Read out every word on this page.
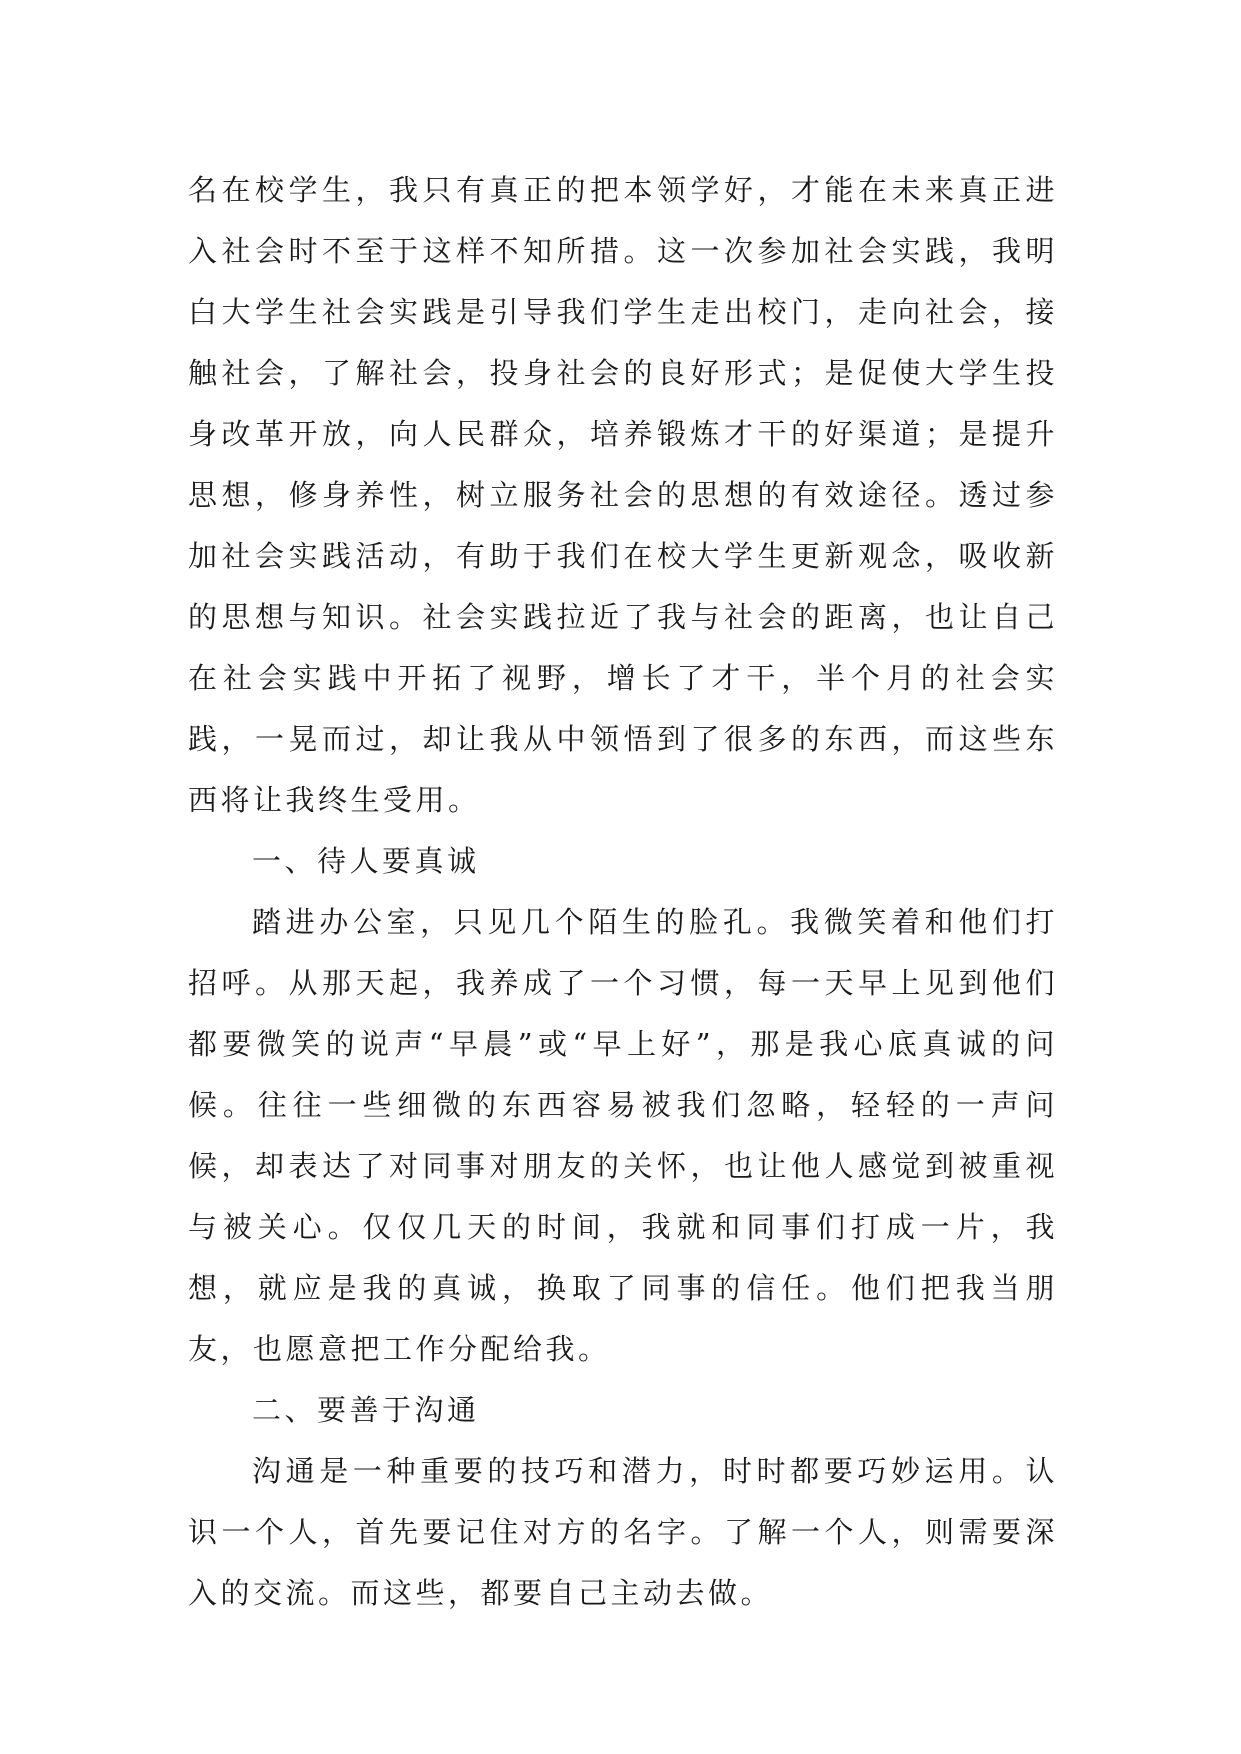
名在校学生，我只有真正的把本领学好，才能在未来真正进入社会时不至于这样不知所措。这一次参加社会实践，我明白大学生社会实践是引导我们学生走出校门，走向社会，接触社会，了解社会，投身社会的良好形式；是促使大学生投身改革开放，向人民群众，培养锻炼才干的好渠道；是提升思想，修身养性，树立服务社会的思想的有效途径。透过参加社会实践活动，有助于我们在校大学生更新观念，吸收新的思想与知识。社会实践拉近了我与社会的距离，也让自己在社会实践中开拓了视野，增长了才干，半个月的社会实践，一晃而过，却让我从中领悟到了很多的东西，而这些东西将让我终生受用。

一、待人要真诚

踏进办公室，只见几个陌生的脸孔。我微笑着和他们打招呼。从那天起，我养成了一个习惯，每一天早上见到他们都要微笑的说声“早晨”或“早上好”，那是我心底真诚的问候。往往一些细微的东西容易被我们忽略，轻轻的一声问候，却表达了对同事对朋友的关怀，也让他人感觉到被重视与被关心。仅仅几天的时间，我就和同事们打成一片，我想，就应是我的真诚，换取了同事的信任。他们把我当朋友，也愿意把工作分配给我。

二、要善于沟通

沟通是一种重要的技巧和潜力，时时都要巧妙运用。认识一个人，首先要记住对方的名字。了解一个人，则需要深入的交流。而这些，都要自己主动去做。
